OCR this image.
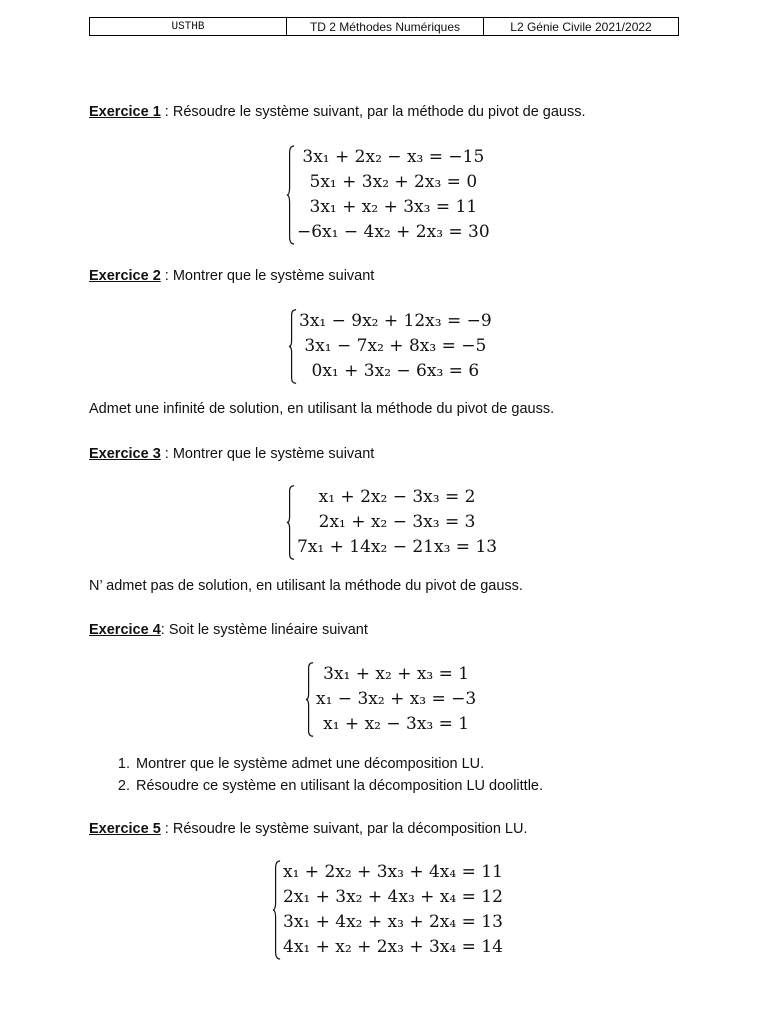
USTHB	TD 2 Méthodes Numériques	L2 Génie Civile 2021/2022
Exercice 1 : Résoudre le système suivant, par la méthode du pivot de gauss.
3x₁ + 2x₂ − x₃ = −15
5x₁ + 3x₂ + 2x₃ = 0
3x₁ + x₂ + 3x₃ = 11
−6x₁ − 4x₂ + 2x₃ = 30
Exercice 2 : Montrer que le système suivant
3x₁ − 9x₂ + 12x₃ = −9
3x₁ − 7x₂ + 8x₃ = −5
0x₁ + 3x₂ − 6x₃ = 6
Admet une infinité de solution, en utilisant la méthode du pivot de gauss.
Exercice 3 : Montrer que le système suivant
x₁ + 2x₂ − 3x₃ = 2
2x₁ + x₂ − 3x₃ = 3
7x₁ + 14x₂ − 21x₃ = 13
N’ admet pas de solution, en utilisant la méthode du pivot de gauss.
Exercice 4: Soit le système linéaire suivant
3x₁ + x₂ + x₃ = 1
x₁ − 3x₂ + x₃ = −3
x₁ + x₂ − 3x₃ = 1
1. Montrer que le système admet une décomposition LU.
2. Résoudre ce système en utilisant la décomposition LU doolittle.
Exercice 5 : Résoudre le système suivant, par la décomposition LU.
x₁ + 2x₂ + 3x₃ + 4x₄ = 11
2x₁ + 3x₂ + 4x₃ + x₄ = 12
3x₁ + 4x₂ + x₃ + 2x₄ = 13
4x₁ + x₂ + 2x₃ + 3x₄ = 14
